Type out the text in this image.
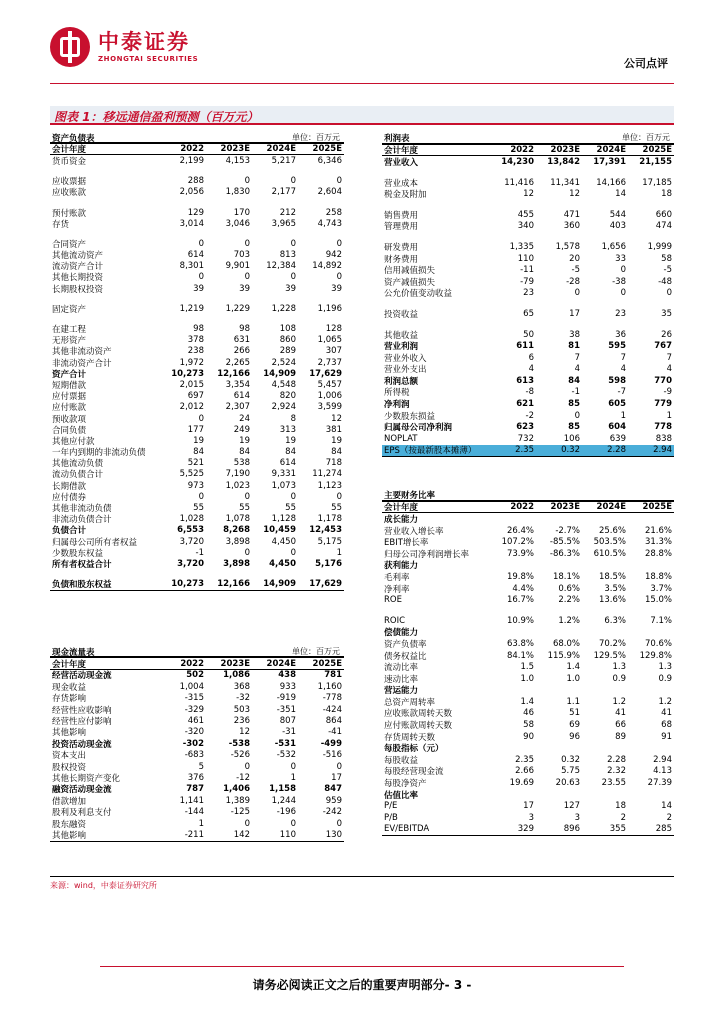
中泰证券
ZHONGTAI SECURITIES	公司点评
图表 1：移远通信盈利预测（百万元）
资产负债表	单位：百万元
会计年度	2022	2023E	2024E	2025E
货币资金	2,199	4,153	5,217	6,346
应收票据	288	0	0	0
应收账款	2,056	1,830	2,177	2,604
预付账款	129	170	212	258
存货	3,014	3,046	3,965	4,743
合同资产	0	0	0	0
其他流动资产	614	703	813	942
流动资产合计	8,301	9,901	12,384	14,892
其他长期投资	0	0	0	0
长期股权投资	39	39	39	39
固定资产	1,219	1,229	1,228	1,196
在建工程	98	98	108	128
无形资产	378	631	860	1,065
其他非流动资产	238	266	289	307
非流动资产合计	1,972	2,265	2,524	2,737
资产合计	10,273	12,166	14,909	17,629
短期借款	2,015	3,354	4,548	5,457
应付票据	697	614	820	1,006
应付账款	2,012	2,307	2,924	3,599
预收款项	0	24	8	12
合同负债	177	249	313	381
其他应付款	19	19	19	19
一年内到期的非流动负债	84	84	84	84
其他流动负债	521	538	614	718
流动负债合计	5,525	7,190	9,331	11,274
长期借款	973	1,023	1,073	1,123
应付债券	0	0	0	0
其他非流动负债	55	55	55	55
非流动负债合计	1,028	1,078	1,128	1,178
负债合计	6,553	8,268	10,459	12,453
归属母公司所有者权益	3,720	3,898	4,450	5,175
少数股东权益	-1	0	0	1
所有者权益合计	3,720	3,898	4,450	5,176
负债和股东权益	10,273	12,166	14,909	17,629
利润表	单位：百万元
会计年度	2022	2023E	2024E	2025E
营业收入	14,230	13,842	17,391	21,155
营业成本	11,416	11,341	14,166	17,185
税金及附加	12	12	14	18
销售费用	455	471	544	660
管理费用	340	360	403	474
研发费用	1,335	1,578	1,656	1,999
财务费用	110	20	33	58
信用减值损失	-11	-5	0	-5
资产减值损失	-79	-28	-38	-48
公允价值变动收益	23	0	0	0
投资收益	65	17	23	35
其他收益	50	38	36	26
营业利润	611	81	595	767
营业外收入	6	7	7	7
营业外支出	4	4	4	4
利润总额	613	84	598	770
所得税	-8	-1	-7	-9
净利润	621	85	605	779
少数股东损益	-2	0	1	1
归属母公司净利润	623	85	604	778
NOPLAT	732	106	639	838
EPS（按最新股本摊薄）	2.35	0.32	2.28	2.94
主要财务比率
会计年度	2022	2023E	2024E	2025E
成长能力
营业收入增长率	26.4%	-2.7%	25.6%	21.6%
EBIT增长率	107.2%	-85.5%	503.5%	31.3%
归母公司净利润增长率	73.9%	-86.3%	610.5%	28.8%
获利能力
毛利率	19.8%	18.1%	18.5%	18.8%
净利率	4.4%	0.6%	3.5%	3.7%
ROE	16.7%	2.2%	13.6%	15.0%
ROIC	10.9%	1.2%	6.3%	7.1%
偿债能力
资产负债率	63.8%	68.0%	70.2%	70.6%
债务权益比	84.1%	115.9%	129.5%	129.8%
流动比率	1.5	1.4	1.3	1.3
速动比率	1.0	1.0	0.9	0.9
营运能力
总资产周转率	1.4	1.1	1.2	1.2
应收账款周转天数	46	51	41	41
应付账款周转天数	58	69	66	68
存货周转天数	90	96	89	91
每股指标（元）
每股收益	2.35	0.32	2.28	2.94
每股经营现金流	2.66	5.75	2.32	4.13
每股净资产	19.69	20.63	23.55	27.39
估值比率
P/E	17	127	18	14
P/B	3	3	2	2
EV/EBITDA	329	896	355	285
现金流量表	单位：百万元
会计年度	2022	2023E	2024E	2025E
经营活动现金流	502	1,086	438	781
现金收益	1,004	368	933	1,160
存货影响	-315	-32	-919	-778
经营性应收影响	-329	503	-351	-424
经营性应付影响	461	236	807	864
其他影响	-320	12	-31	-41
投资活动现金流	-302	-538	-531	-499
资本支出	-683	-526	-532	-516
股权投资	5	0	0	0
其他长期资产变化	376	-12	1	17
融资活动现金流	787	1,406	1,158	847
借款增加	1,141	1,389	1,244	959
股利及利息支付	-144	-125	-196	-242
股东融资	1	0	0	0
其他影响	-211	142	110	130
来源：wind，中泰证券研究所
请务必阅读正文之后的重要声明部分- 3 -
